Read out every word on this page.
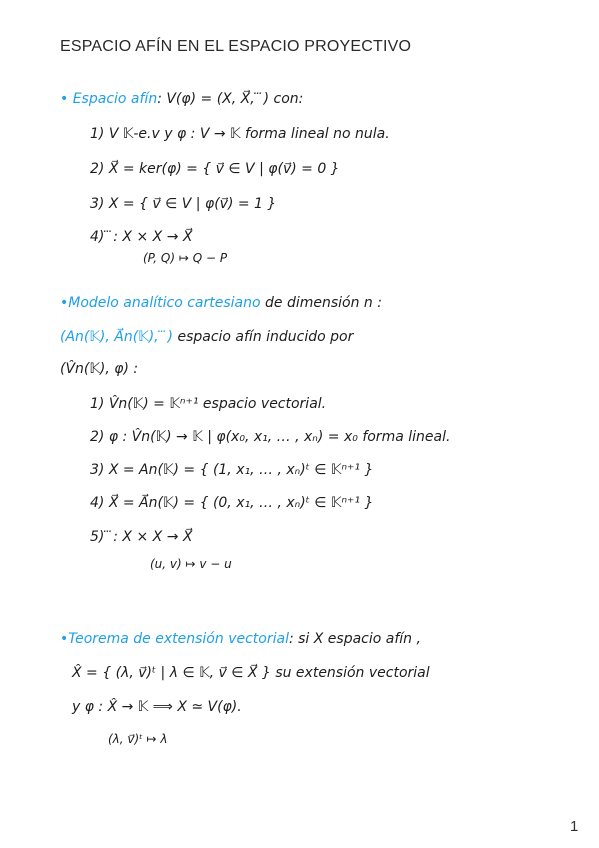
ESPACIO AFÍN EN EL ESPACIO PROYECTIVO
• Espacio afín: V(φ) = (X, X⃗, ⃛ ) con:
1) V 𝕂-e.v y φ : V → 𝕂 forma lineal no nula.
2) X⃗ = ker(φ) = { v⃗ ∈ V | φ(v⃗) = 0 }
3) X = { v⃗ ∈ V | φ(v⃗) = 1 }
4) ⃛ : X × X → X⃗
(P, Q) ↦ Q − P
•Modelo analítico cartesiano de dimensión n :
(An(𝕂), A⃗n(𝕂), ⃛ ) espacio afín inducido por
(V̂n(𝕂), φ) :
1) V̂n(𝕂) = 𝕂ⁿ⁺¹ espacio vectorial.
2) φ : V̂n(𝕂) → 𝕂 | φ(x₀, x₁, … , xₙ) = x₀ forma lineal.
3) X = An(𝕂) = { (1, x₁, … , xₙ)ᵗ ∈ 𝕂ⁿ⁺¹ }
4) X⃗ = A⃗n(𝕂) = { (0, x₁, … , xₙ)ᵗ ∈ 𝕂ⁿ⁺¹ }
5) ⃛ : X × X → X⃗
(u, v) ↦ v − u
•Teorema de extensión vectorial: si X espacio afín ,
X̂ = { (λ, v⃗)ᵗ | λ ∈ 𝕂, v⃗ ∈ X⃗ } su extensión vectorial
y φ : X̂ → 𝕂 ⟹ X ≃ V(φ).
(λ, v⃗)ᵗ ↦ λ
1
